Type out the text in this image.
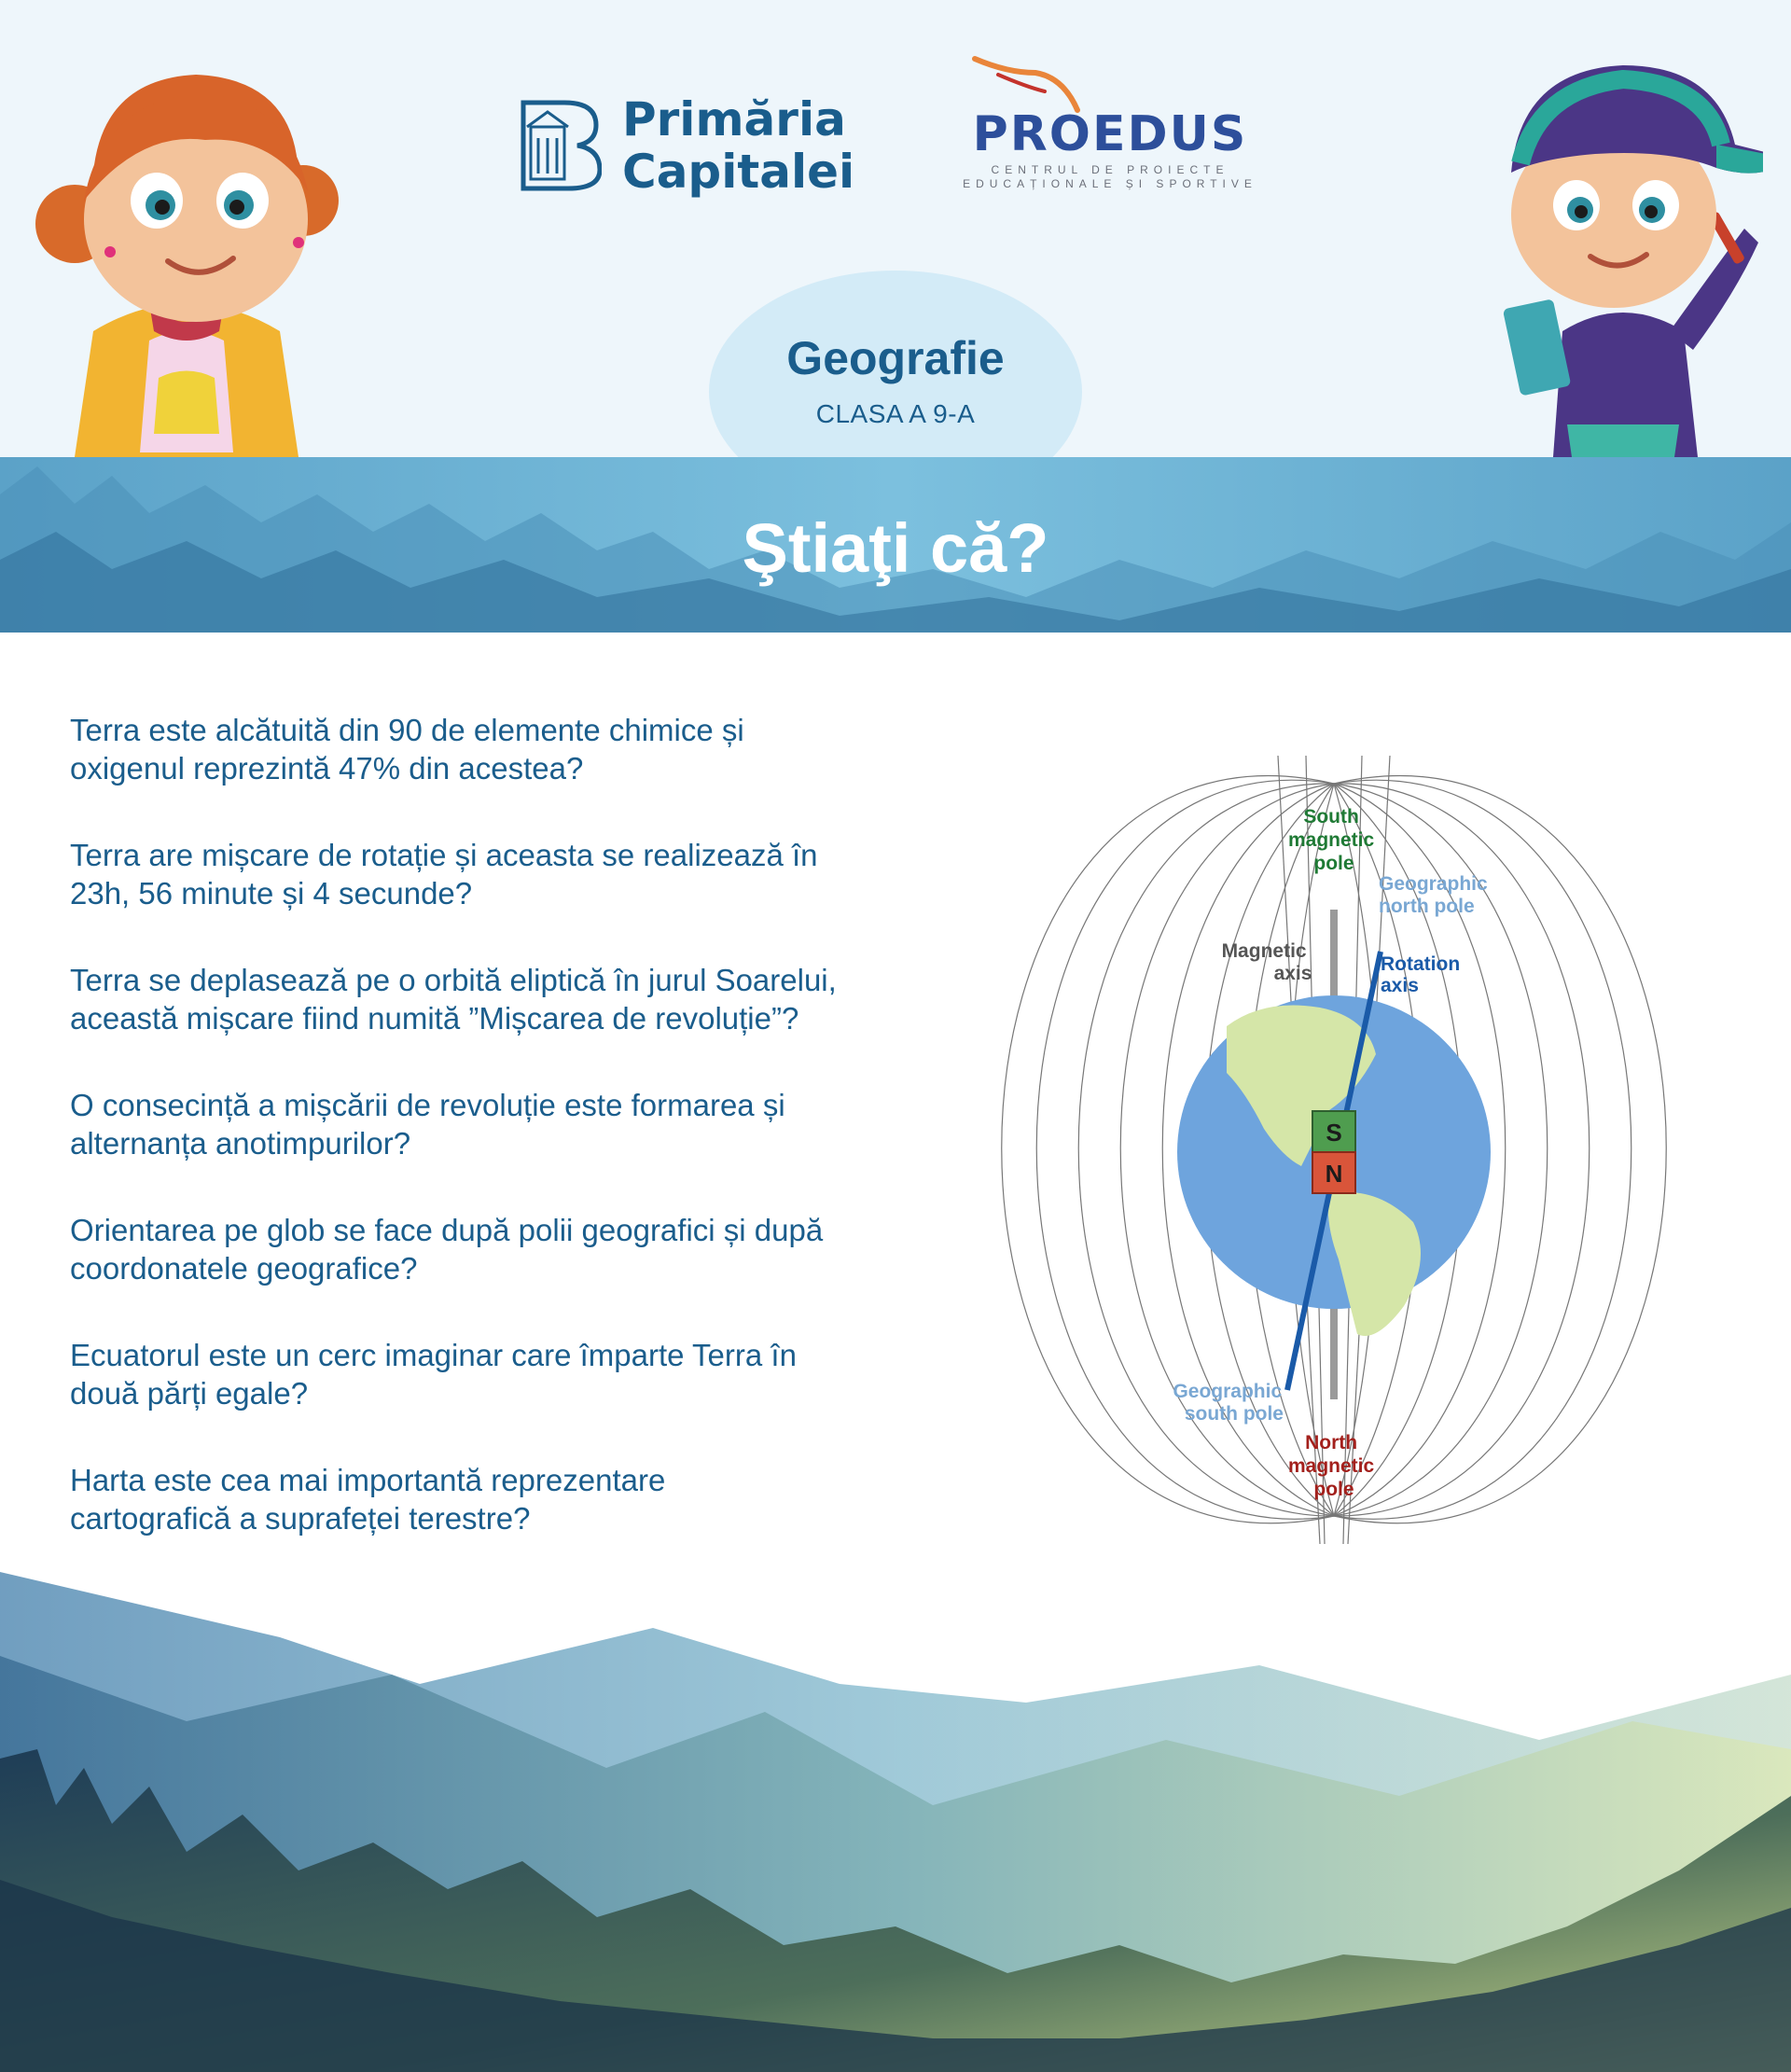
Primăria
Capitalei
PROEDUS
CENTRUL DE PROIECTE
EDUCAȚIONALE ȘI SPORTIVE
Geografie
CLASA A 9-A
Ştiaţi că?

Terra este alcătuită din 90 de elemente chimice și
oxigenul reprezintă 47% din acestea?

Terra are mișcare de rotație și aceasta se realizează în
23h, 56 minute și 4 secunde?

Terra se deplasează pe o orbită eliptică în jurul Soarelui,
această mișcare fiind numită ”Mișcarea de revoluție”?

O consecință a mișcării de revoluție este formarea și
alternanța anotimpurilor?

Orientarea pe glob se face după polii geografici și după
coordonatele geografice?

Ecuatorul este un cerc imaginar care împarte Terra în
două părți egale?

Harta este cea mai importantă reprezentare
cartografică a suprafeței terestre?

S
N
South magnetic pole
North magnetic pole
Magnetic axis
Geographic north pole
Rotation axis
Geographic south pole
